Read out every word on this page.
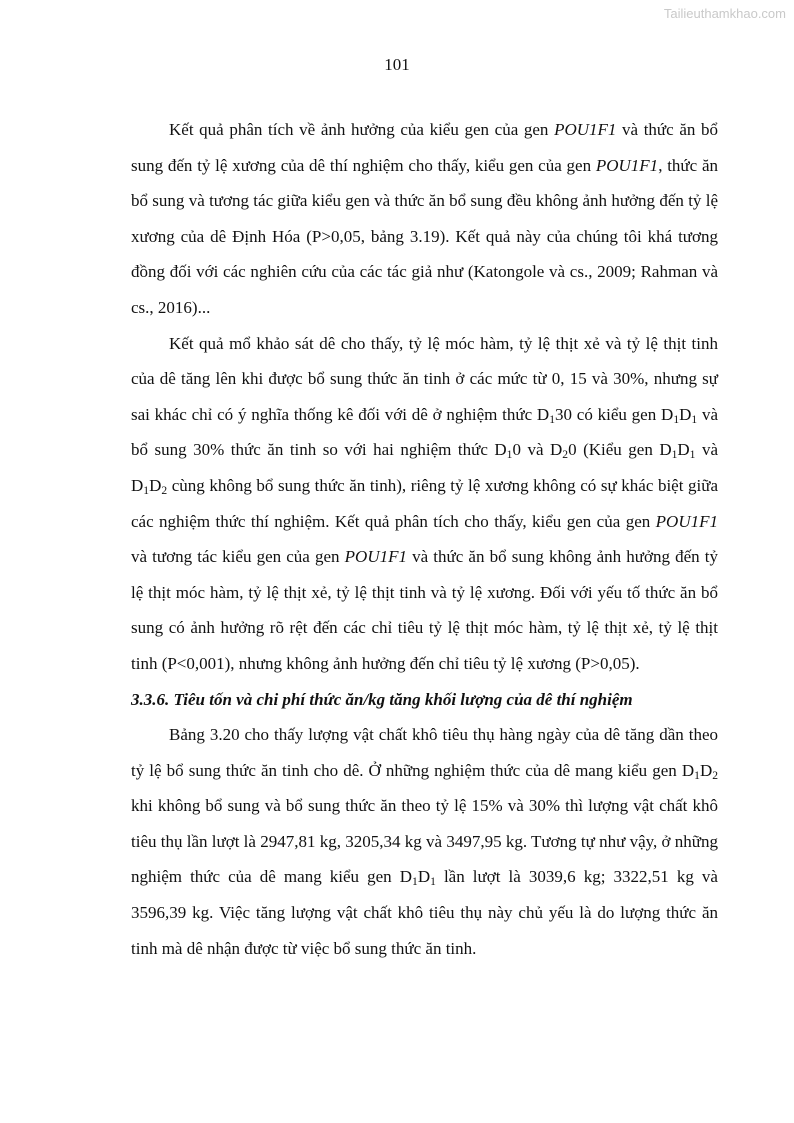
Tailieuthamkhao.com
101

Kết quả phân tích về ảnh hưởng của kiểu gen của gen POU1F1 và thức ăn bổ sung đến tỷ lệ xương của dê thí nghiệm cho thấy, kiểu gen của gen POU1F1, thức ăn bổ sung và tương tác giữa kiểu gen và thức ăn bổ sung đều không ảnh hưởng đến tỷ lệ xương của dê Định Hóa (P>0,05, bảng 3.19). Kết quả này của chúng tôi khá tương đồng đối với các nghiên cứu của các tác giả như (Katongole và cs., 2009; Rahman và cs., 2016)...

Kết quả mổ khảo sát dê cho thấy, tỷ lệ móc hàm, tỷ lệ thịt xẻ và tỷ lệ thịt tinh của dê tăng lên khi được bổ sung thức ăn tinh ở các mức từ 0, 15 và 30%, nhưng sự sai khác chỉ có ý nghĩa thống kê đối với dê ở nghiệm thức $D_130$ có kiểu gen $D_1D_1$ và bổ sung 30% thức ăn tinh so với hai nghiệm thức $D_10$ và $D_20$ (Kiểu gen $D_1D_1$ và $D_1D_2$ cùng không bổ sung thức ăn tinh), riêng tỷ lệ xương không có sự khác biệt giữa các nghiệm thức thí nghiệm. Kết quả phân tích cho thấy, kiểu gen của gen POU1F1 và tương tác kiểu gen của gen POU1F1 và thức ăn bổ sung không ảnh hưởng đến tỷ lệ thịt móc hàm, tỷ lệ thịt xẻ, tỷ lệ thịt tinh và tỷ lệ xương. Đối với yếu tố thức ăn bổ sung có ảnh hưởng rõ rệt đến các chỉ tiêu tỷ lệ thịt móc hàm, tỷ lệ thịt xẻ, tỷ lệ thịt tinh (P<0,001), nhưng không ảnh hưởng đến chỉ tiêu tỷ lệ xương (P>0,05).

3.3.6. Tiêu tốn và chi phí thức ăn/kg tăng khối lượng của dê thí nghiệm

Bảng 3.20 cho thấy lượng vật chất khô tiêu thụ hàng ngày của dê tăng dần theo tỷ lệ bổ sung thức ăn tinh cho dê. Ở những nghiệm thức của dê mang kiểu gen $D_1D_2$ khi không bổ sung và bổ sung thức ăn theo tỷ lệ 15% và 30% thì lượng vật chất khô tiêu thụ lần lượt là 2947,81 kg, 3205,34 kg và 3497,95 kg. Tương tự như vậy, ở những nghiệm thức của dê mang kiểu gen $D_1D_1$ lần lượt là 3039,6 kg; 3322,51 kg và 3596,39 kg. Việc tăng lượng vật chất khô tiêu thụ này chủ yếu là do lượng thức ăn tinh mà dê nhận được từ việc bổ sung thức ăn tinh.
